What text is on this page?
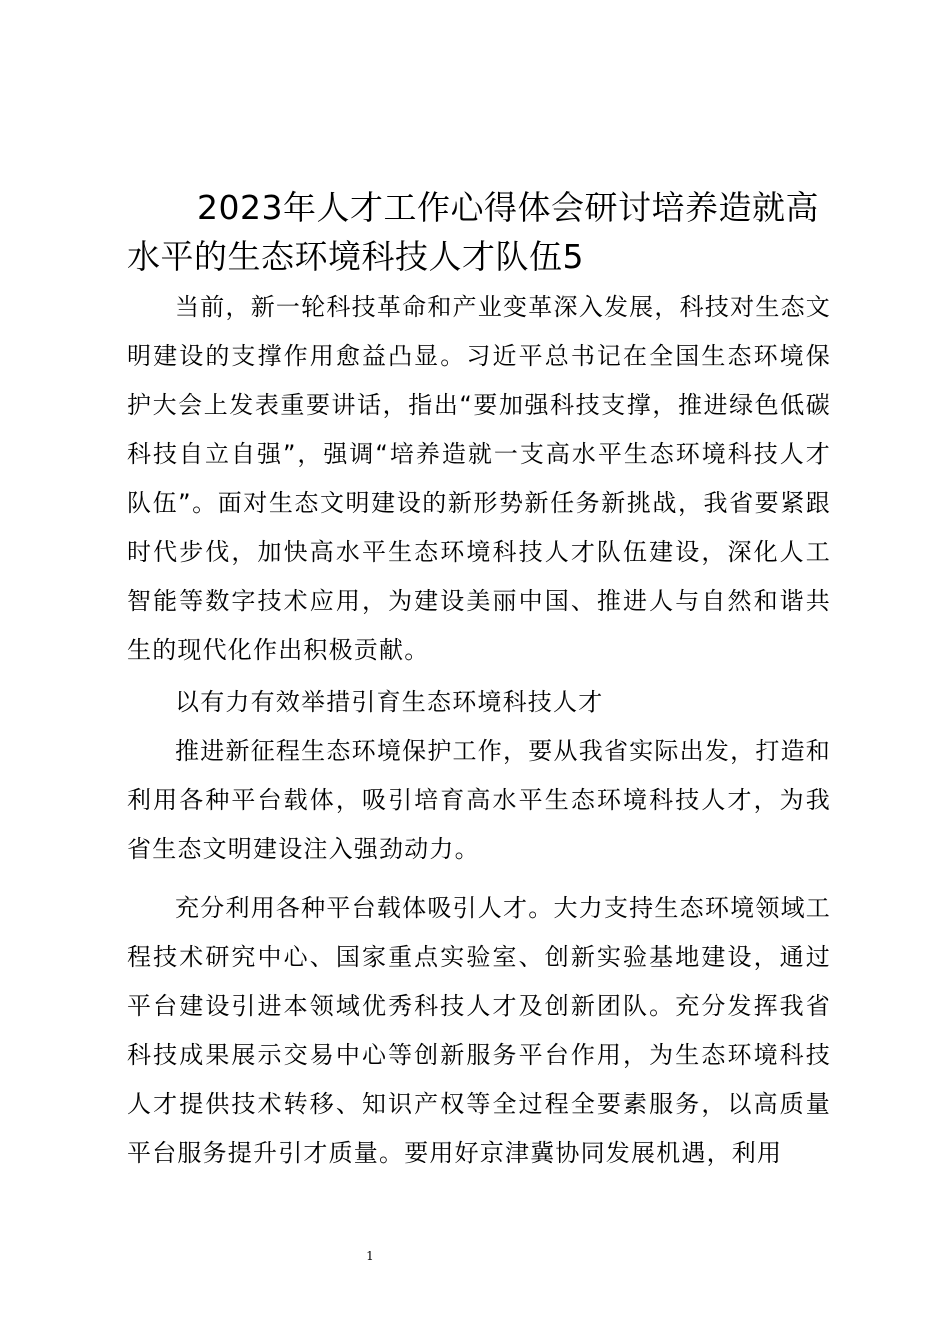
2023年人才工作心得体会研讨培养造就高水平的生态环境科技人才队伍5

当前，新一轮科技革命和产业变革深入发展，科技对生态文明建设的支撑作用愈益凸显。习近平总书记在全国生态环境保护大会上发表重要讲话，指出“要加强科技支撑，推进绿色低碳科技自立自强”，强调“培养造就一支高水平生态环境科技人才队伍”。面对生态文明建设的新形势新任务新挑战，我省要紧跟时代步伐，加快高水平生态环境科技人才队伍建设，深化人工智能等数字技术应用，为建设美丽中国、推进人与自然和谐共生的现代化作出积极贡献。

以有力有效举措引育生态环境科技人才

推进新征程生态环境保护工作，要从我省实际出发，打造和利用各种平台载体，吸引培育高水平生态环境科技人才，为我省生态文明建设注入强劲动力。

充分利用各种平台载体吸引人才。大力支持生态环境领域工程技术研究中心、国家重点实验室、创新实验基地建设，通过平台建设引进本领域优秀科技人才及创新团队。充分发挥我省科技成果展示交易中心等创新服务平台作用，为生态环境科技人才提供技术转移、知识产权等全过程全要素服务，以高质量平台服务提升引才质量。要用好京津冀协同发展机遇，利用

1
